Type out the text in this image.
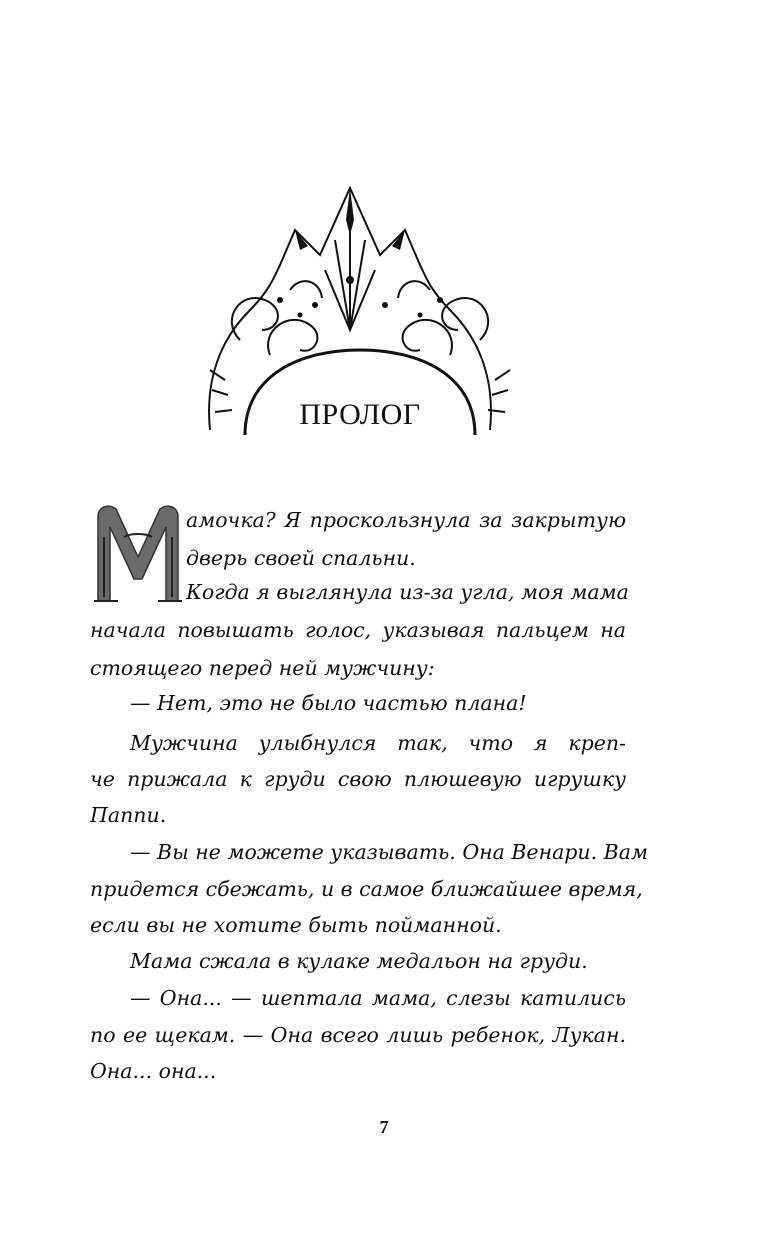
ПРОЛОГ
амочка? Я проскользнула за закрытую
дверь своей спальни.
Когда я выглянула из-за угла, моя мама
начала повышать голос, указывая пальцем на
стоящего перед ней мужчину:
— Нет, это не было частью плана!
Мужчина улыбнулся так, что я креп-
че прижала к груди свою плюшевую игрушку
Паппи.
— Вы не можете указывать. Она Венари. Вам
придется сбежать, и в самое ближайшее время,
если вы не хотите быть пойманной.
Мама сжала в кулаке медальон на груди.
— Она... — шептала мама, слезы катились
по ее щекам. — Она всего лишь ребенок, Лукан.
Она... она...
7
